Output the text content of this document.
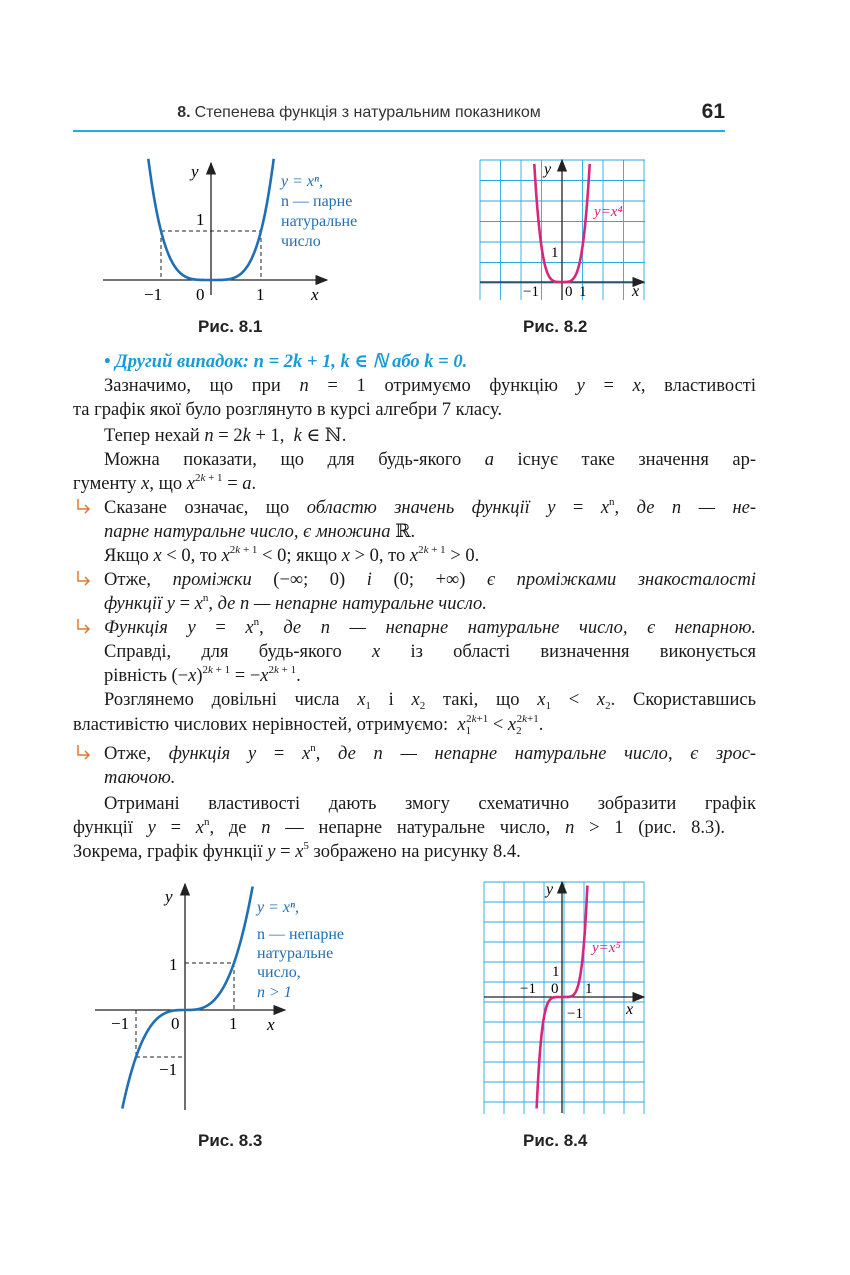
8. Степенева функція з натуральним показником	61
y
x
1
−1 0	1
y = xⁿ,
n — парне
натуральне
число
Рис. 8.1
y
x
1
−1 0 1
y=x⁴
Рис. 8.2
• Другий випадок: n = 2k + 1, k ∈ ℕ або k = 0.
Зазначимо, що при n = 1 отримуємо функцію y = x, властивості
та графік якої було розглянуто в курсі алгебри 7 класу.
Тепер нехай n = 2k + 1,  k ∈ ℕ.
Можна показати, що для будь-якого a існує таке значення ар-
гументу x, що $x^{2k + 1} = a$.
Сказане означає, що областю значень функції $y = x^n$, де n — не-
парне натуральне число, є множина ℝ.
Якщо x < 0, то $x^{2k + 1} < 0$; якщо x > 0, то $x^{2k + 1} > 0$.
Отже, проміжки (−∞; 0) і (0; +∞) є проміжками знакосталості
функції $y = x^n$, де n — непарне натуральне число.
Функція $y = x^n$, де n — непарне натуральне число, є непарною.
Справді, для будь-якого x із області визначення виконується
рівність $(-x)^{2k + 1} = -x^{2k + 1}$.
Розглянемо довільні числа $x_1$ і $x_2$ такі, що $x_1 < x_2$. Скориставшись
властивістю числових нерівностей, отримуємо: $x_1^{2k+1} < x_2^{2k+1}$.
Отже, функція $y = x^n$, де n — непарне натуральне число, є зрос-
таючою.
Отримані властивості дають змогу схематично зобразити графік
функції $y = x^n$, де n — непарне натуральне число, n > 1 (рис. 8.3).
Зокрема, графік функції $y = x^5$ зображено на рисунку 8.4.
y
x
1
−1 0	1
−1
y = xⁿ,
n — непарне
натуральне
число,
n > 1
Рис. 8.3
y
x
1
−1 0 1
−1
y=x⁵
Рис. 8.4
